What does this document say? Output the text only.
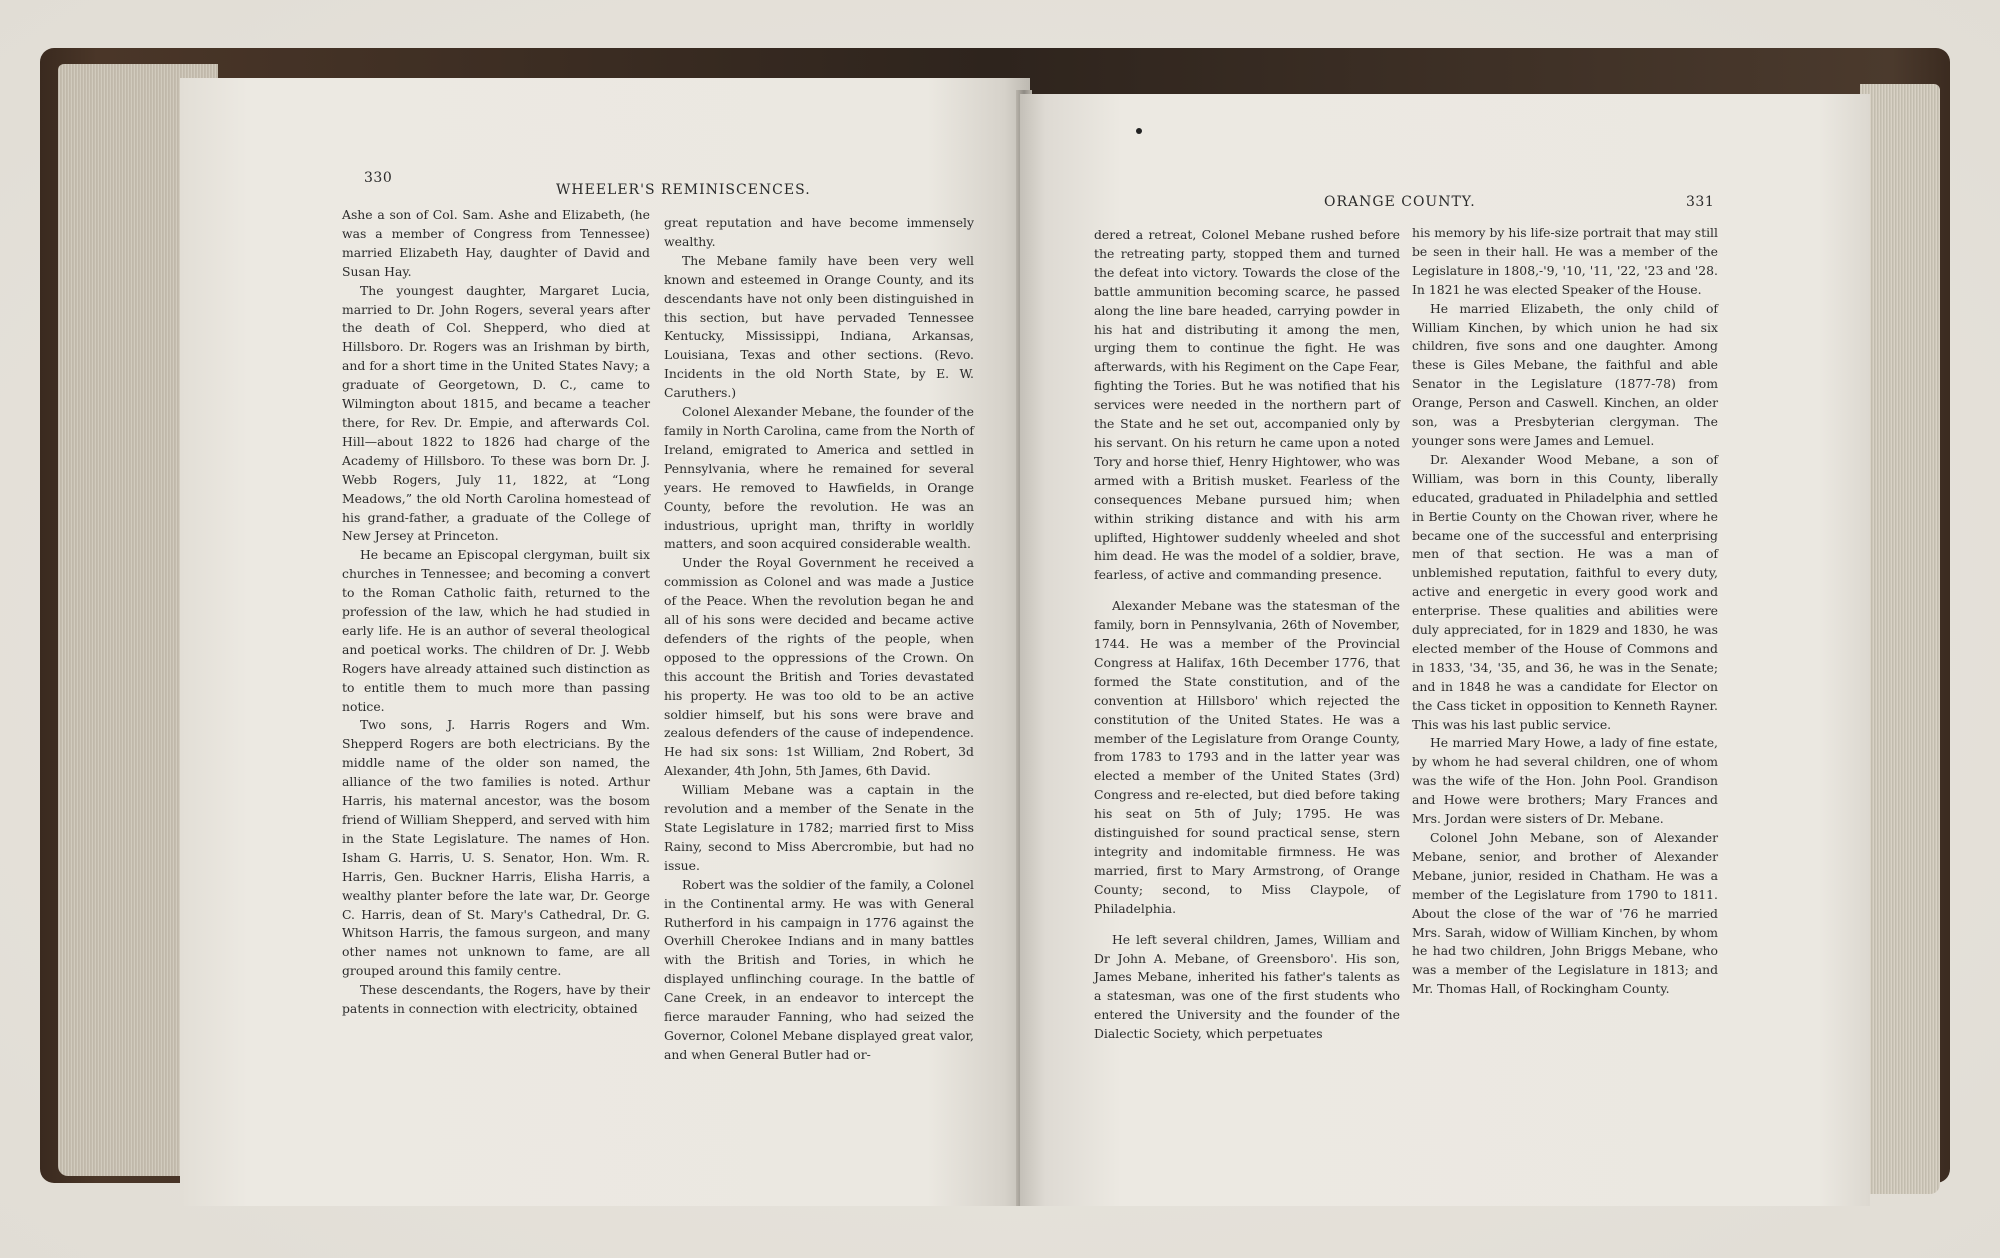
330
WHEELER'S REMINISCENCES.

Ashe a son of Col. Sam. Ashe and Elizabeth, (he was a member of Congress from Tennessee) married Elizabeth Hay, daughter of David and Susan Hay.

The youngest daughter, Margaret Lucia, married to Dr. John Rogers, several years after the death of Col. Shepperd, who died at Hillsboro. Dr. Rogers was an Irishman by birth, and for a short time in the United States Navy; a graduate of Georgetown, D. C., came to Wilmington about 1815, and became a teacher there, for Rev. Dr. Empie, and afterwards Col. Hill—about 1822 to 1826 had charge of the Academy of Hillsboro. To these was born Dr. J. Webb Rogers, July 11, 1822, at “Long Meadows,” the old North Carolina homestead of his grand-father, a graduate of the College of New Jersey at Princeton.

He became an Episcopal clergyman, built six churches in Tennessee; and becoming a convert to the Roman Catholic faith, returned to the profession of the law, which he had studied in early life. He is an author of several theological and poetical works. The children of Dr. J. Webb Rogers have already attained such distinction as to entitle them to much more than passing notice.

Two sons, J. Harris Rogers and Wm. Shepperd Rogers are both electricians. By the middle name of the older son named, the alliance of the two families is noted. Arthur Harris, his maternal ancestor, was the bosom friend of William Shepperd, and served with him in the State Legislature. The names of Hon. Isham G. Harris, U. S. Senator, Hon. Wm. R. Harris, Gen. Buckner Harris, Elisha Harris, a wealthy planter before the late war, Dr. George C. Harris, dean of St. Mary's Cathedral, Dr. G. Whitson Harris, the famous surgeon, and many other names not unknown to fame, are all grouped around this family centre.

These descendants, the Rogers, have by their patents in connection with electricity, obtained

great reputation and have become immensely wealthy.

The Mebane family have been very well known and esteemed in Orange County, and its descendants have not only been distinguished in this section, but have pervaded Tennessee Kentucky, Mississippi, Indiana, Arkansas, Louisiana, Texas and other sections. (Revo. Incidents in the old North State, by E. W. Caruthers.)

Colonel Alexander Mebane, the founder of the family in North Carolina, came from the North of Ireland, emigrated to America and settled in Pennsylvania, where he remained for several years. He removed to Hawfields, in Orange County, before the revolution. He was an industrious, upright man, thrifty in worldly matters, and soon acquired considerable wealth.

Under the Royal Government he received a commission as Colonel and was made a Justice of the Peace. When the revolution began he and all of his sons were decided and became active defenders of the rights of the people, when opposed to the oppressions of the Crown. On this account the British and Tories devastated his property. He was too old to be an active soldier himself, but his sons were brave and zealous defenders of the cause of independence. He had six sons: 1st William, 2nd Robert, 3d Alexander, 4th John, 5th James, 6th David.

William Mebane was a captain in the revolution and a member of the Senate in the State Legislature in 1782; married first to Miss Rainy, second to Miss Abercrombie, but had no issue.

Robert was the soldier of the family, a Colonel in the Continental army. He was with General Rutherford in his campaign in 1776 against the Overhill Cherokee Indians and in many battles with the British and Tories, in which he displayed unflinching courage. In the battle of Cane Creek, in an endeavor to intercept the fierce marauder Fanning, who had seized the Governor, Colonel Mebane displayed great valor, and when General Butler had or-

ORANGE COUNTY.	331

dered a retreat, Colonel Mebane rushed before the retreating party, stopped them and turned the defeat into victory. Towards the close of the battle ammunition becoming scarce, he passed along the line bare headed, carrying powder in his hat and distributing it among the men, urging them to continue the fight. He was afterwards, with his Regiment on the Cape Fear, fighting the Tories. But he was notified that his services were needed in the northern part of the State and he set out, accompanied only by his servant. On his return he came upon a noted Tory and horse thief, Henry Hightower, who was armed with a British musket. Fearless of the consequences Mebane pursued him; when within striking distance and with his arm uplifted, Hightower suddenly wheeled and shot him dead. He was the model of a soldier, brave, fearless, of active and commanding presence.

Alexander Mebane was the statesman of the family, born in Pennsylvania, 26th of November, 1744. He was a member of the Provincial Congress at Halifax, 16th December 1776, that formed the State constitution, and of the convention at Hillsboro' which rejected the constitution of the United States. He was a member of the Legislature from Orange County, from 1783 to 1793 and in the latter year was elected a member of the United States (3rd) Congress and re-elected, but died before taking his seat on 5th of July; 1795. He was distinguished for sound practical sense, stern integrity and indomitable firmness. He was married, first to Mary Armstrong, of Orange County; second, to Miss Claypole, of Philadelphia.

He left several children, James, William and Dr John A. Mebane, of Greensboro'. His son, James Mebane, inherited his father's talents as a statesman, was one of the first students who entered the University and the founder of the Dialectic Society, which perpetuates

his memory by his life-size portrait that may still be seen in their hall. He was a member of the Legislature in 1808,-'9, '10, '11, '22, '23 and '28. In 1821 he was elected Speaker of the House.

He married Elizabeth, the only child of William Kinchen, by which union he had six children, five sons and one daughter. Among these is Giles Mebane, the faithful and able Senator in the Legislature (1877-78) from Orange, Person and Caswell. Kinchen, an older son, was a Presbyterian clergyman. The younger sons were James and Lemuel.

Dr. Alexander Wood Mebane, a son of William, was born in this County, liberally educated, graduated in Philadelphia and settled in Bertie County on the Chowan river, where he became one of the successful and enterprising men of that section. He was a man of unblemished reputation, faithful to every duty, active and energetic in every good work and enterprise. These qualities and abilities were duly appreciated, for in 1829 and 1830, he was elected member of the House of Commons and in 1833, '34, '35, and 36, he was in the Senate; and in 1848 he was a candidate for Elector on the Cass ticket in opposition to Kenneth Rayner. This was his last public service.

He married Mary Howe, a lady of fine estate, by whom he had several children, one of whom was the wife of the Hon. John Pool. Grandison and Howe were brothers; Mary Frances and Mrs. Jordan were sisters of Dr. Mebane.

Colonel John Mebane, son of Alexander Mebane, senior, and brother of Alexander Mebane, junior, resided in Chatham. He was a member of the Legislature from 1790 to 1811. About the close of the war of '76 he married Mrs. Sarah, widow of William Kinchen, by whom he had two children, John Briggs Mebane, who was a member of the Legislature in 1813; and Mr. Thomas Hall, of Rockingham County.
